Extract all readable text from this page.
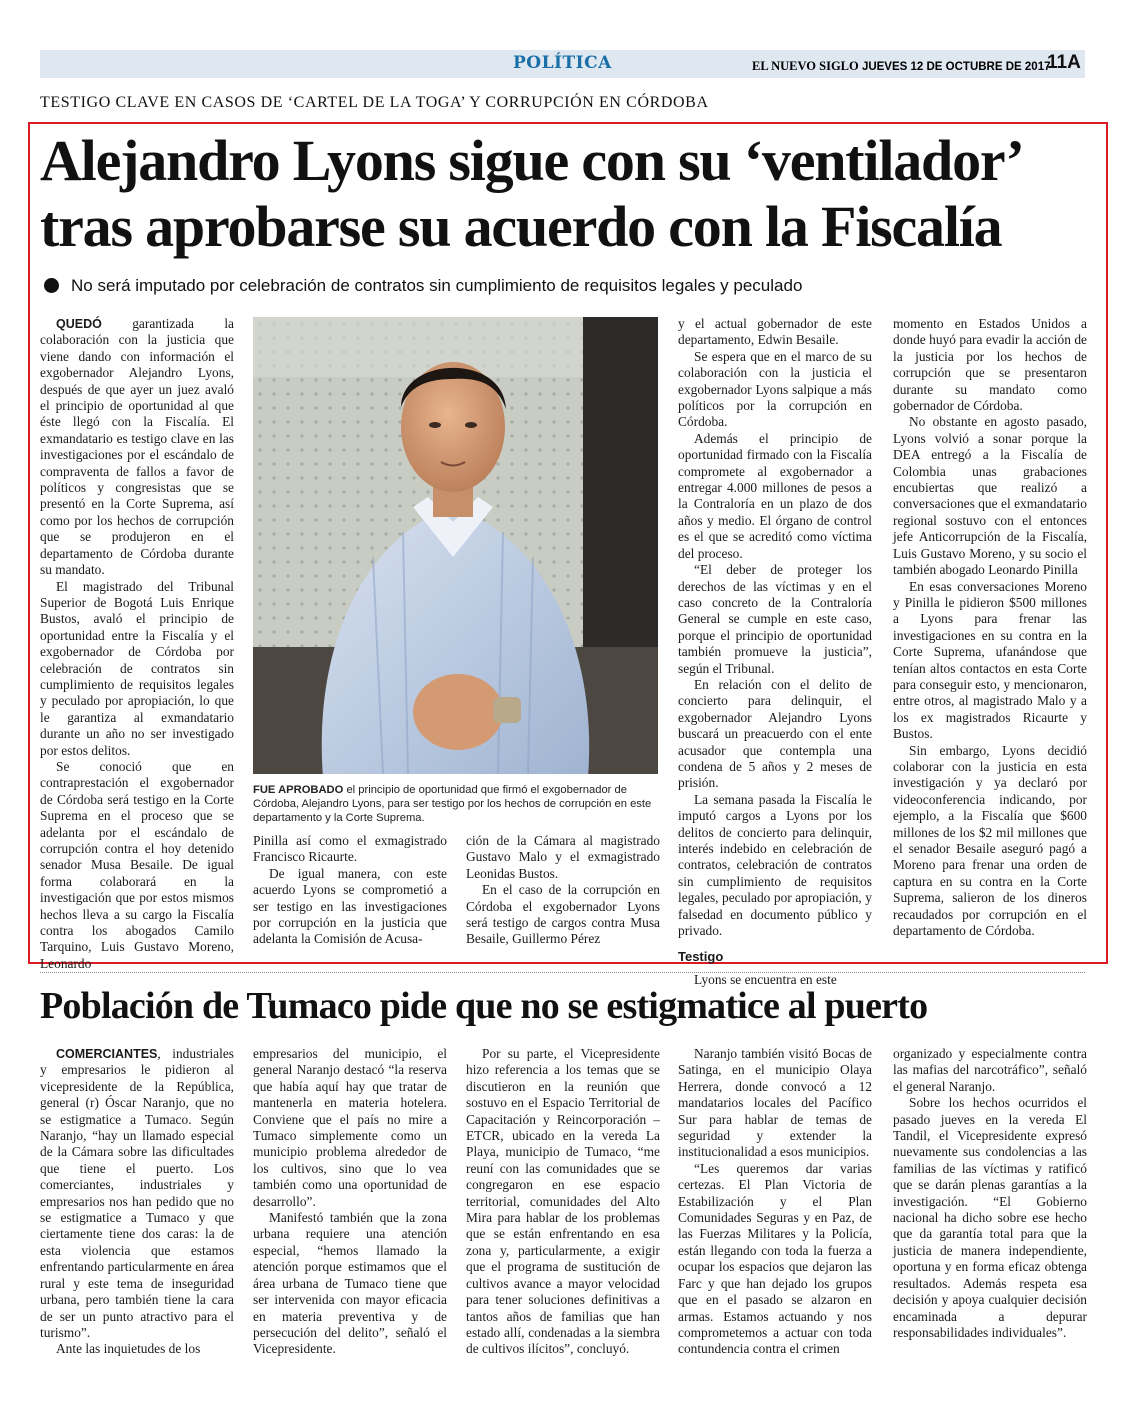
POLÍTICA	EL NUEVO SIGLO JUEVES 12 DE OCTUBRE DE 2017
11A
TESTIGO CLAVE EN CASOS DE ‘CARTEL DE LA TOGA’ Y CORRUPCIÓN EN CÓRDOBA
Alejandro Lyons sigue con su ‘ventilador’
tras aprobarse su acuerdo con la Fiscalía
No será imputado por celebración de contratos sin cumplimiento de requisitos legales y peculado

QUEDÓ garantizada la colaboración con la justicia que viene dando con información el exgobernador Alejandro Lyons, después de que ayer un juez avaló el principio de oportunidad al que éste llegó con la Fiscalía. El exmandatario es testigo clave en las investigaciones por el escándalo de compraventa de fallos a favor de políticos y congresistas que se presentó en la Corte Suprema, así como por los hechos de corrupción que se produjeron en el departamento de Córdoba durante su mandato.

El magistrado del Tribunal Superior de Bogotá Luis Enrique Bustos, avaló el principio de oportunidad entre la Fiscalía y el exgobernador de Córdoba por celebración de contratos sin cumplimiento de requisitos legales y peculado por apropiación, lo que le garantiza al exmandatario durante un año no ser investigado por estos delitos.

Se conoció que en contraprestación el exgobernador de Córdoba será testigo en la Corte Suprema en el proceso que se adelanta por el escándalo de corrupción contra el hoy detenido senador Musa Besaile. De igual forma colaborará en la investigación que por estos mismos hechos lleva a su cargo la Fiscalía contra los abogados Camilo Tarquino, Luis Gustavo Moreno, Leonardo

FUE APROBADO el principio de oportunidad que firmó el exgobernador de Córdoba, Alejandro Lyons, para ser testigo por los hechos de corrupción en este departamento y la Corte Suprema.

Pinilla así como el exmagistrado Francisco Ricaurte.

De igual manera, con este acuerdo Lyons se comprometió a ser testigo en las investigaciones por corrupción en la justicia que adelanta la Comisión de Acusa-

ción de la Cámara al magistrado Gustavo Malo y el exmagistrado Leonidas Bustos.

En el caso de la corrupción en Córdoba el exgobernador Lyons será testigo de cargos contra Musa Besaile, Guillermo Pérez

y el actual gobernador de este departamento, Edwin Besaile.

Se espera que en el marco de su colaboración con la justicia el exgobernador Lyons salpique a más políticos por la corrupción en Córdoba.

Además el principio de oportunidad firmado con la Fiscalía compromete al exgobernador a entregar 4.000 millones de pesos a la Contraloría en un plazo de dos años y medio. El órgano de control es el que se acreditó como víctima del proceso.

“El deber de proteger los derechos de las víctimas y en el caso concreto de la Contraloría General se cumple en este caso, porque el principio de oportunidad también promueve la justicia”, según el Tribunal.

En relación con el delito de concierto para delinquir, el exgobernador Alejandro Lyons buscará un preacuerdo con el ente acusador que contempla una condena de 5 años y 2 meses de prisión.

La semana pasada la Fiscalía le imputó cargos a Lyons por los delitos de concierto para delinquir, interés indebido en celebración de contratos, celebración de contratos sin cumplimiento de requisitos legales, peculado por apropiación, y falsedad en documento público y privado.

Testigo

Lyons se encuentra en este

momento en Estados Unidos a donde huyó para evadir la acción de la justicia por los hechos de corrupción que se presentaron durante su mandato como gobernador de Córdoba.

No obstante en agosto pasado, Lyons volvió a sonar porque la DEA entregó a la Fiscalía de Colombia unas grabaciones encubiertas que realizó a conversaciones que el exmandatario regional sostuvo con el entonces jefe Anticorrupción de la Fiscalía, Luis Gustavo Moreno, y su socio el también abogado Leonardo Pinilla

En esas conversaciones Moreno y Pinilla le pidieron $500 millones a Lyons para frenar las investigaciones en su contra en la Corte Suprema, ufanándose que tenían altos contactos en esta Corte para conseguir esto, y mencionaron, entre otros, al magistrado Malo y a los ex magistrados Ricaurte y Bustos.

Sin embargo, Lyons decidió colaborar con la justicia en esta investigación y ya declaró por videoconferencia indicando, por ejemplo, a la Fiscalía que $600 millones de los $2 mil millones que el senador Besaile aseguró pagó a Moreno para frenar una orden de captura en su contra en la Corte Suprema, salieron de los dineros recaudados por corrupción en el departamento de Córdoba.

Población de Tumaco pide que no se estigmatice al puerto

COMERCIANTES, industriales y empresarios le pidieron al vicepresidente de la República, general (r) Óscar Naranjo, que no se estigmatice a Tumaco. Según Naranjo, “hay un llamado especial de la Cámara sobre las dificultades que tiene el puerto. Los comerciantes, industriales y empresarios nos han pedido que no se estigmatice a Tumaco y que ciertamente tiene dos caras: la de esta violencia que estamos enfrentando particularmente en área rural y este tema de inseguridad urbana, pero también tiene la cara de ser un punto atractivo para el turismo”.

Ante las inquietudes de los

empresarios del municipio, el general Naranjo destacó “la reserva que había aquí hay que tratar de mantenerla en materia hotelera. Conviene que el país no mire a Tumaco simplemente como un municipio problema alrededor de los cultivos, sino que lo vea también como una oportunidad de desarrollo”.

Manifestó también que la zona urbana requiere una atención especial, “hemos llamado la atención porque estimamos que el área urbana de Tumaco tiene que ser intervenida con mayor eficacia en materia preventiva y de persecución del delito”, señaló el Vicepresidente.

Por su parte, el Vicepresidente hizo referencia a los temas que se discutieron en la reunión que sostuvo en el Espacio Territorial de Capacitación y Reincorporación –ETCR, ubicado en la vereda La Playa, municipio de Tumaco, “me reuní con las comunidades que se congregaron en ese espacio territorial, comunidades del Alto Mira para hablar de los problemas que se están enfrentando en esa zona y, particularmente, a exigir que el programa de sustitución de cultivos avance a mayor velocidad para tener soluciones definitivas a tantos años de familias que han estado allí, condenadas a la siembra de cultivos ilícitos”, concluyó.

Naranjo también visitó Bocas de Satinga, en el municipio Olaya Herrera, donde convocó a 12 mandatarios locales del Pacífico Sur para hablar de temas de seguridad y extender la institucionalidad a esos municipios.

“Les queremos dar varias certezas. El Plan Victoria de Estabilización y el Plan Comunidades Seguras y en Paz, de las Fuerzas Militares y la Policía, están llegando con toda la fuerza a ocupar los espacios que dejaron las Farc y que han dejado los grupos que en el pasado se alzaron en armas. Estamos actuando y nos comprometemos a actuar con toda contundencia contra el crimen

organizado y especialmente contra las mafias del narcotráfico”, señaló el general Naranjo.

Sobre los hechos ocurridos el pasado jueves en la vereda El Tandil, el Vicepresidente expresó nuevamente sus condolencias a las familias de las víctimas y ratificó que se darán plenas garantías a la investigación. “El Gobierno nacional ha dicho sobre ese hecho que da garantía total para que la justicia de manera independiente, oportuna y en forma eficaz obtenga resultados. Además respeta esa decisión y apoya cualquier decisión encaminada a depurar responsabilidades individuales”.
